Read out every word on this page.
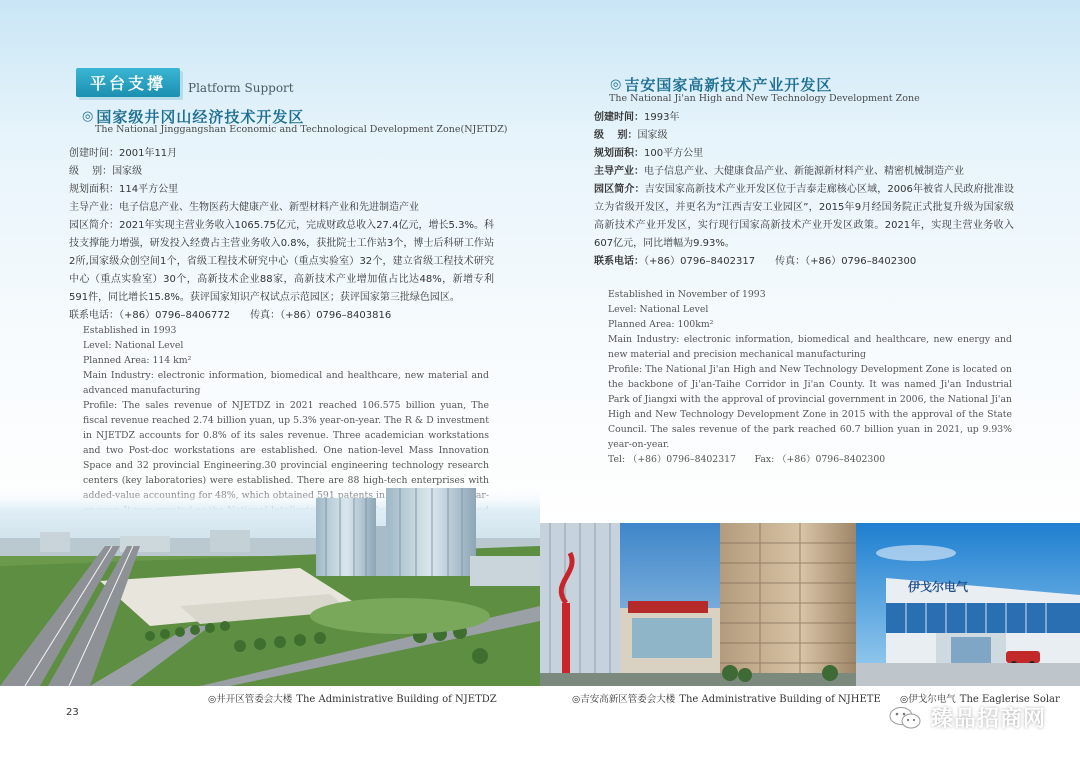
平台支撑	Platform Support
◎ 国家级井冈山经济技术开发区
The National Jinggangshan Economic and Technological Development Zone(NJETDZ)
创建时间：2001年11月
级　 别：国家级
规划面积：114平方公里
主导产业：电子信息产业、生物医药大健康产业、新型材料产业和先进制造产业
园区简介：2021年实现主营业务收入1065.75亿元，完成财政总收入27.4亿元，增长5.3%。科技支撑能力增强，研发投入经费占主营业务收入0.8%，获批院士工作站3个，博士后科研工作站2所,国家级众创空间1个，省级工程技术研究中心（重点实验室）32个，建立省级工程技术研究中心（重点实验室）30个，高新技术企业88家，高新技术产业增加值占比达48%，新增专利591件，同比增长15.8%。获评国家知识产权试点示范园区；获评国家第三批绿色园区。
联系电话：（+86）0796–8406772　　传真：（+86）0796–8403816

Established in 1993

Level: National Level

Planned Area: 114 km²

Main Industry: electronic information, biomedical and healthcare, new material and advanced manufacturing

Profile: The sales revenue of NJETDZ in 2021 reached 106.575 billion yuan, The fiscal revenue reached 2.74 billion yuan, up 5.3% year-on-year. The R & D investment in NJETDZ accounts for 0.8% of its sales revenue. Three academician workstations and two Post-doc workstations are established. One nation-level Mass Innovation Space and 32 provincial Engineering.30 provincial engineering technology research centers (key laboratories) were established. There are 88 high-tech enterprises with

◎井开区管委会大楼 The Administrative Building of NJETDZ
23
◎ 吉安国家高新技术产业开发区
The National Ji'an High and New Technology Development Zone
创建时间：1993年
级　 别：国家级
规划面积：100平方公里
主导产业：电子信息产业、大健康食品产业、新能源新材料产业、精密机械制造产业
园区简介：吉安国家高新技术产业开发区位于吉泰走廊核心区域，2006年被省人民政府批准设立为省级开发区，并更名为“江西吉安工业园区”，2015年9月经国务院正式批复升级为国家级高新技术产业开发区，实行现行国家高新技术产业开发区政策。2021年，实现主营业务收入607亿元，同比增幅为9.93%。
联系电话：（+86）0796–8402317　　传真：（+86）0796–8402300

Established in November of 1993

Level: National Level

Planned Area: 100km²

Main Industry: electronic information, biomedical and healthcare, new energy and new material and precision mechanical manufacturing

Profile: The National Ji'an High and New Technology Development Zone is located on the backbone of Ji'an-Taihe Corridor in Ji'an County. It was named Ji'an Industrial Park of Jiangxi with the approval of provincial government in 2006, the National Ji'an High and New Technology Development Zone in 2015 with the approval of the State Council. The sales revenue of the park reached 60.7 billion yuan in 2021, up 9.93% year-on-year.

Tel: （+86）0796–8402317　　Fax: （+86）0796–8402300

伊戈尔电气
◎吉安高新区管委会大楼 The Administrative Building of NJHETE ◎伊戈尔电气 The Eaglerise Solar
臻品招商网
